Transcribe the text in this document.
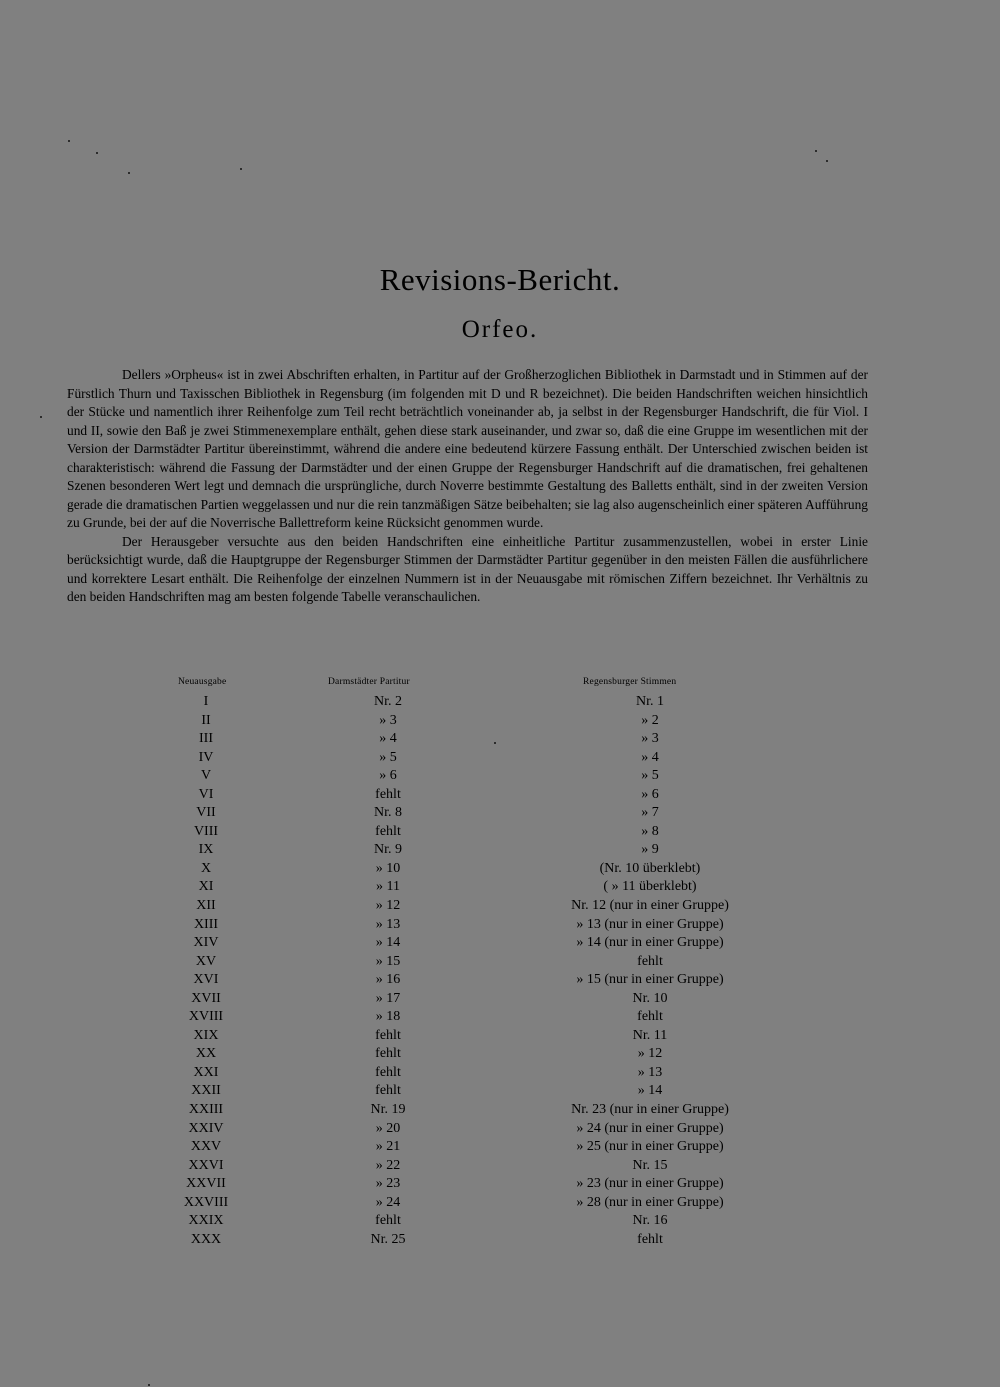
Revisions-Bericht.
Orfeo.

Dellers »Orpheus« ist in zwei Abschriften erhalten, in Partitur auf der Großherzoglichen Bibliothek in Darmstadt und in Stimmen auf der Fürstlich Thurn und Taxisschen Bibliothek in Regensburg (im folgenden mit D und R bezeichnet). Die beiden Handschriften weichen hinsichtlich der Stücke und namentlich ihrer Reihenfolge zum Teil recht beträchtlich voneinander ab, ja selbst in der Regensburger Handschrift, die für Viol. I und II, sowie den Baß je zwei Stimmenexemplare enthält, gehen diese stark auseinander, und zwar so, daß die eine Gruppe im wesentlichen mit der Version der Darmstädter Partitur übereinstimmt, während die andere eine bedeutend kürzere Fassung enthält. Der Unterschied zwischen beiden ist charakteristisch: während die Fassung der Darmstädter und der einen Gruppe der Regensburger Handschrift auf die dramatischen, frei gehaltenen Szenen besonderen Wert legt und demnach die ursprüngliche, durch Noverre bestimmte Gestaltung des Balletts enthält, sind in der zweiten Version gerade die dramatischen Partien weggelassen und nur die rein tanzmäßigen Sätze beibehalten; sie lag also augenscheinlich einer späteren Aufführung zu Grunde, bei der auf die Noverrische Ballettreform keine Rücksicht genommen wurde.

Der Herausgeber versuchte aus den beiden Handschriften eine einheitliche Partitur zusammenzustellen, wobei in erster Linie berücksichtigt wurde, daß die Hauptgruppe der Regensburger Stimmen der Darmstädter Partitur gegenüber in den meisten Fällen die ausführlichere und korrektere Lesart enthält. Die Reihenfolge der einzelnen Nummern ist in der Neuausgabe mit römischen Ziffern bezeichnet. Ihr Verhältnis zu den beiden Handschriften mag am besten folgende Tabelle veranschaulichen.

Neuausgabe	Darmstädter Partitur	Regensburger Stimmen
I	Nr. 2	Nr. 1
II	» 3	» 2
III	» 4	» 3
IV	» 5	» 4
V	» 6	» 5
VI	fehlt	» 6
VII	Nr. 8	» 7
VIII	fehlt	» 8
IX	Nr. 9	» 9
X	» 10	(Nr. 10 überklebt)
XI	» 11	( » 11 überklebt)
XII	» 12	Nr. 12 (nur in einer Gruppe)
XIII	» 13	» 13 (nur in einer Gruppe)
XIV	» 14	» 14 (nur in einer Gruppe)
XV	» 15	fehlt
XVI	» 16	» 15 (nur in einer Gruppe)
XVII	» 17	Nr. 10
XVIII	» 18	fehlt
XIX	fehlt	Nr. 11
XX	fehlt	» 12
XXI	fehlt	» 13
XXII	fehlt	» 14
XXIII	Nr. 19	Nr. 23 (nur in einer Gruppe)
XXIV	» 20	» 24 (nur in einer Gruppe)
XXV	» 21	» 25 (nur in einer Gruppe)
XXVI	» 22	Nr. 15
XXVII	» 23	» 23 (nur in einer Gruppe)
XXVIII	» 24	» 28 (nur in einer Gruppe)
XXIX	fehlt	Nr. 16
XXX	Nr. 25	fehlt
